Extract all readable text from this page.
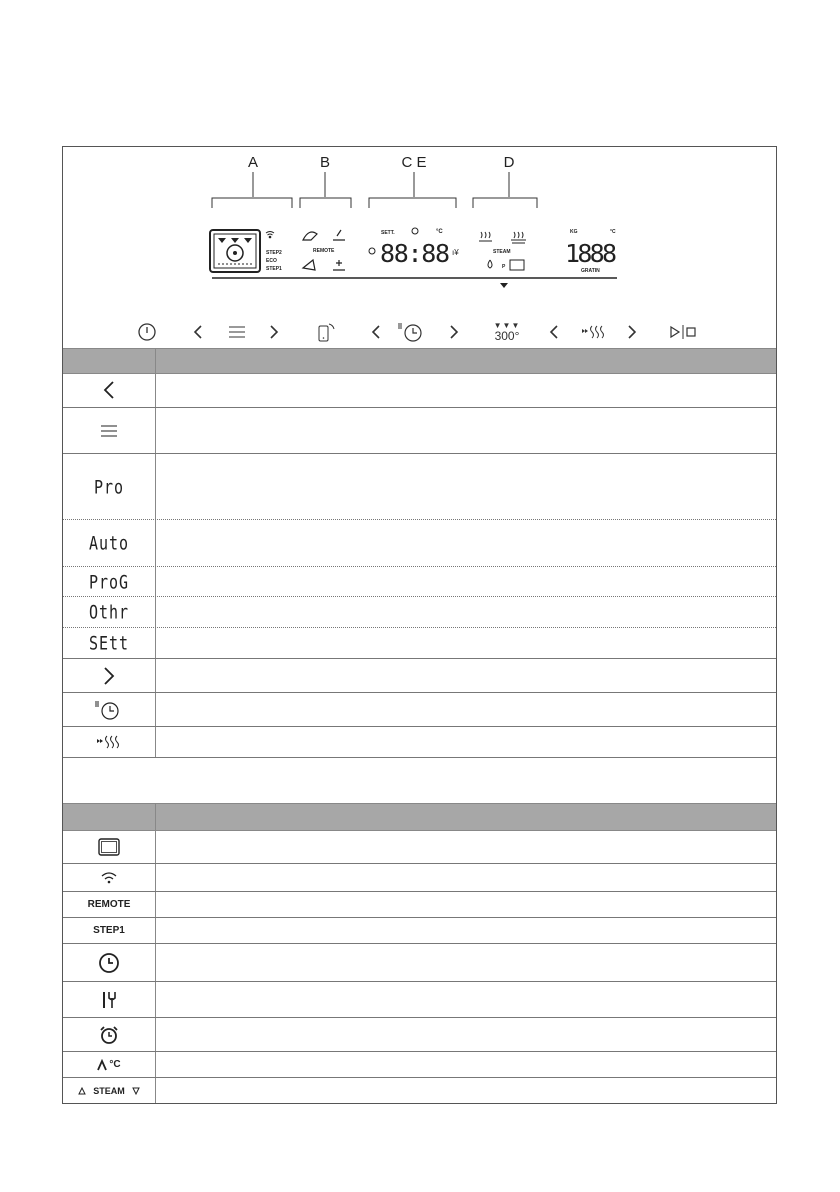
A	B	C E	D
STEP2
ECO
STEP1
REMOTE
SETT.	°C
88:88 ı¥	STEAM
P
KG	°C
1888
GRATIN
▼▼▼
300°
Pro
Auto
ProG
Othr
SEtt
REMOTE
STEP1
°C
STEAM
